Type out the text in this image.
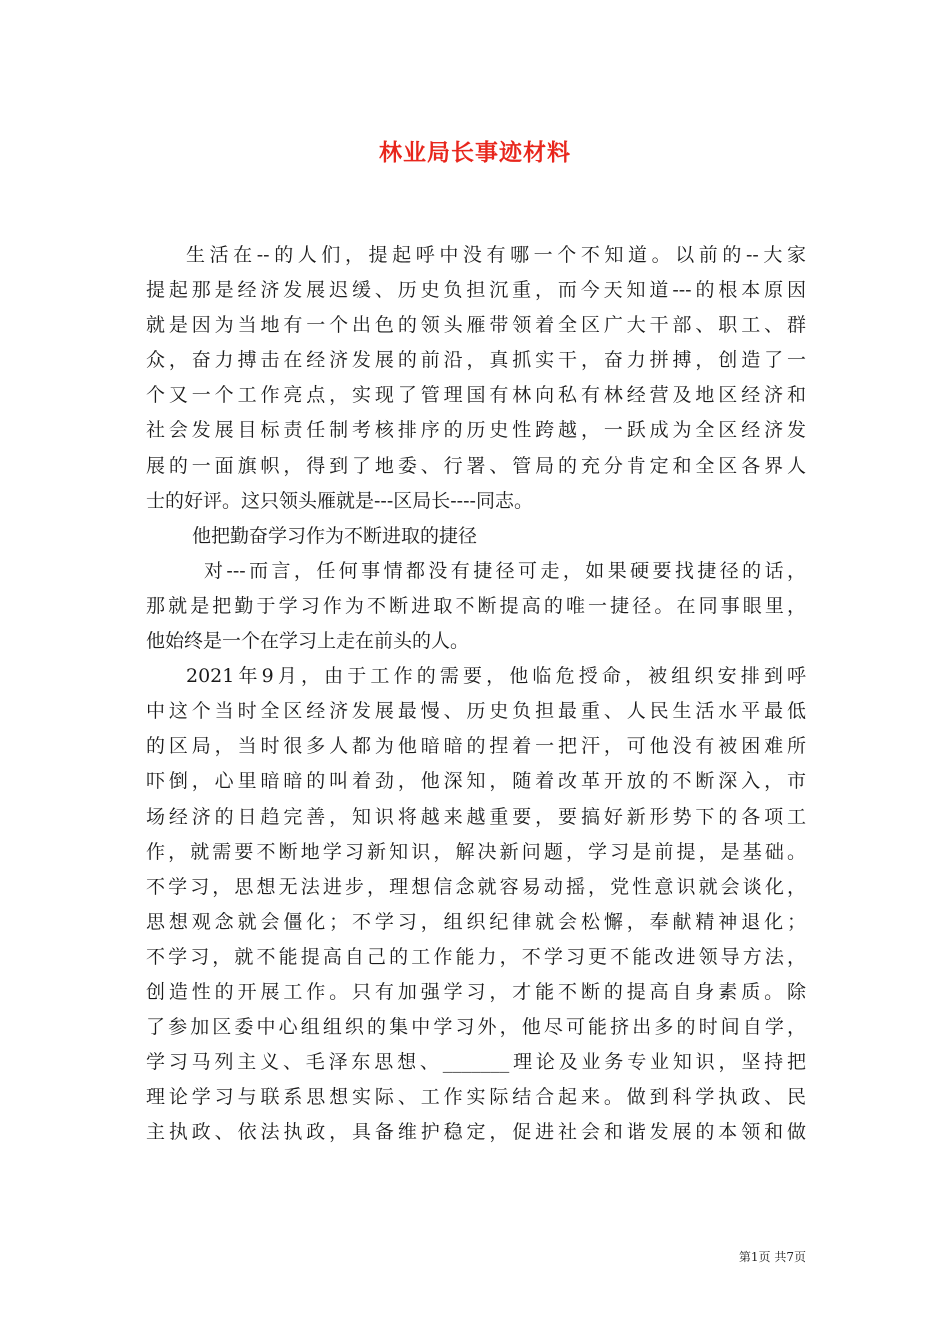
林业局长事迹材料
生活在--的人们，提起呼中没有哪一个不知道。以前的--大家
提起那是经济发展迟缓、历史负担沉重，而今天知道---的根本原因
就是因为当地有一个出色的领头雁带领着全区广大干部、职工、群
众，奋力搏击在经济发展的前沿，真抓实干，奋力拼搏，创造了一
个又一个工作亮点，实现了管理国有林向私有林经营及地区经济和
社会发展目标责任制考核排序的历史性跨越，一跃成为全区经济发
展的一面旗帜，得到了地委、行署、管局的充分肯定和全区各界人
士的好评。这只领头雁就是---区局长----同志。
他把勤奋学习作为不断进取的捷径
对---而言，任何事情都没有捷径可走，如果硬要找捷径的话，
那就是把勤于学习作为不断进取不断提高的唯一捷径。在同事眼里，
他始终是一个在学习上走在前头的人。
2021年9月，由于工作的需要，他临危授命，被组织安排到呼
中这个当时全区经济发展最慢、历史负担最重、人民生活水平最低
的区局，当时很多人都为他暗暗的捏着一把汗，可他没有被困难所
吓倒，心里暗暗的叫着劲，他深知，随着改革开放的不断深入，市
场经济的日趋完善，知识将越来越重要，要搞好新形势下的各项工
作，就需要不断地学习新知识，解决新问题，学习是前提，是基础。
不学习，思想无法进步，理想信念就容易动摇，党性意识就会谈化，
思想观念就会僵化；不学习，组织纪律就会松懈，奉献精神退化；
不学习，就不能提高自己的工作能力，不学习更不能改进领导方法，
创造性的开展工作。只有加强学习，才能不断的提高自身素质。除
了参加区委中心组组织的集中学习外，他尽可能挤出多的时间自学，
学习马列主义、毛泽东思想、_______理论及业务专业知识，坚持把
理论学习与联系思想实际、工作实际结合起来。做到科学执政、民
主执政、依法执政，具备维护稳定，促进社会和谐发展的本领和做
第1页 共7页
